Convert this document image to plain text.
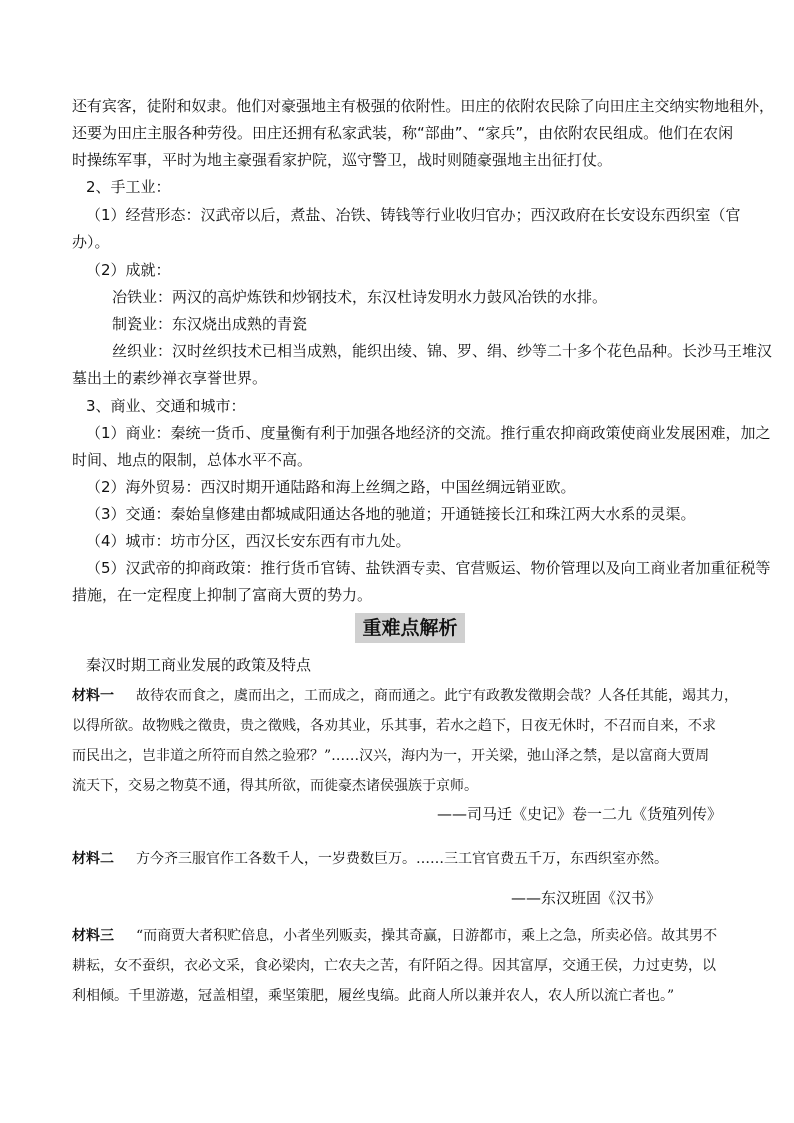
还有宾客，徒附和奴隶。他们对豪强地主有极强的依附性。田庄的依附农民除了向田庄主交纳实物地租外，
还要为田庄主服各种劳役。田庄还拥有私家武装，称“部曲”、“家兵”，由依附农民组成。他们在农闲
时操练军事，平时为地主豪强看家护院，巡守警卫，战时则随豪强地主出征打仗。
2、手工业：
（1）经营形态：汉武帝以后，煮盐、冶铁、铸钱等行业收归官办；西汉政府在长安设东西织室（官
办）。
（2）成就：
冶铁业：两汉的高炉炼铁和炒钢技术，东汉杜诗发明水力鼓风冶铁的水排。
制瓷业：东汉烧出成熟的青瓷
丝织业：汉时丝织技术已相当成熟，能织出绫、锦、罗、绢、纱等二十多个花色品种。长沙马王堆汉
墓出土的素纱禅衣享誉世界。
3、商业、交通和城市：
（1）商业：秦统一货币、度量衡有利于加强各地经济的交流。推行重农抑商政策使商业发展困难，加之
时间、地点的限制，总体水平不高。
（2）海外贸易：西汉时期开通陆路和海上丝绸之路，中国丝绸远销亚欧。
（3）交通：秦始皇修建由都城咸阳通达各地的驰道；开通链接长江和珠江两大水系的灵渠。
（4）城市：坊市分区，西汉长安东西有市九处。
（5）汉武帝的抑商政策：推行货币官铸、盐铁酒专卖、官营贩运、物价管理以及向工商业者加重征税等
措施，在一定程度上抑制了富商大贾的势力。
重难点解析
秦汉时期工商业发展的政策及特点
材料一 故待农而食之，虞而出之，工而成之，商而通之。此宁有政教发徵期会哉？人各任其能，竭其力，
以得所欲。故物贱之徵贵，贵之徵贱，各劝其业，乐其事，若水之趋下，日夜无休时，不召而自来，不求
而民出之，岂非道之所符而自然之验邪？”……汉兴，海内为一，开关梁，弛山泽之禁，是以富商大贾周
流天下，交易之物莫不通，得其所欲，而徙豪杰诸侯强族于京师。
——司马迁《史记》卷一二九《货殖列传》
材料二 方今齐三服官作工各数千人，一岁费数巨万。……三工官官费五千万，东西织室亦然。
——东汉班固《汉书》
材料三 “而商贾大者积贮倍息，小者坐列贩卖，操其奇赢，日游都市，乘上之急，所卖必倍。故其男不
耕耘，女不蚕织，衣必文采，食必梁肉，亡农夫之苦，有阡陌之得。因其富厚，交通王侯，力过吏势，以
利相倾。千里游遨，冠盖相望，乘坚策肥，履丝曳缟。此商人所以兼并农人，农人所以流亡者也。”
